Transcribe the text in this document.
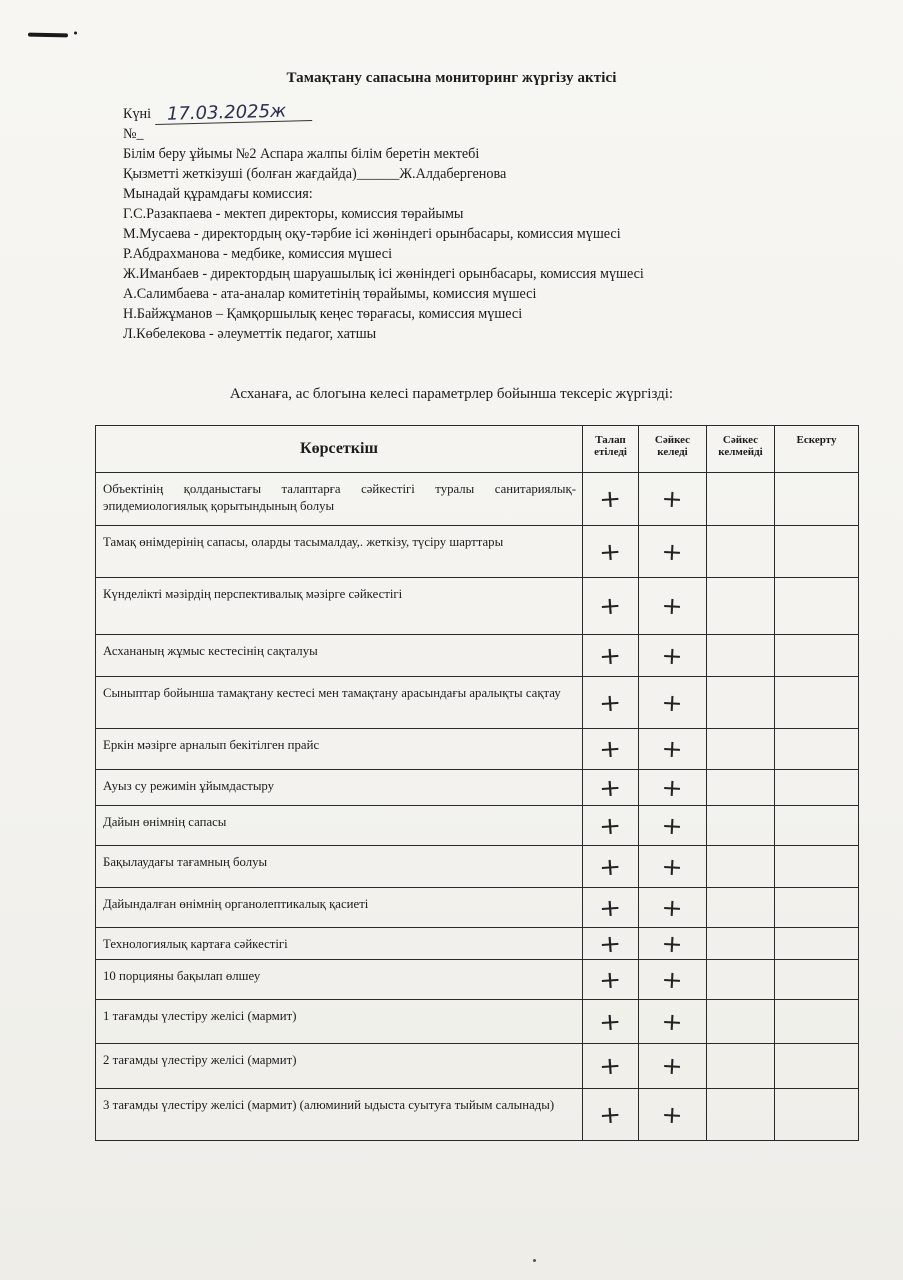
Тамақтану сапасына мониторинг жүргізу актісі
Күні 17.03.2025ж
№_
Білім беру ұйымы №2 Аспара жалпы білім беретін мектебі
Қызметті жеткізуші (болған жағдайда)______Ж.Алдабергенова
Мынадай құрамдағы комиссия:
Г.С.Разакпаева - мектеп директоры, комиссия төрайымы
М.Мусаева - директордың оқу-тәрбие ісі жөніндегі орынбасары, комиссия мүшесі
Р.Абдрахманова - медбике, комиссия мүшесі
Ж.Иманбаев - директордың шаруашылық ісі жөніндегі орынбасары, комиссия мүшесі
А.Салимбаева - ата-аналар комитетінің төрайымы, комиссия мүшесі
Н.Байжұманов – Қамқоршылық кеңес төрағасы, комиссия мүшесі
Л.Көбелекова - әлеуметтік педагог, хатшы
Асханаға, ас блогына келесі параметрлер бойынша тексеріс жүргізді:
Көрсеткіш	Талап етіледі	Сәйкес келеді	Сәйкес келмейді	Ескерту
Объектінің қолданыстағы талаптарға сәйкестігі туралы санитариялық-эпидемиологиялық қорытындының болуы	+	+		
Тамақ өнімдерінің сапасы, оларды тасымалдау,. жеткізу, түсіру шарттары	+	+		
Күнделікті мәзірдің перспективалық мәзірге сәйкестігі	+	+		
Асхананың жұмыс кестесінің сақталуы	+	+		
Сыныптар бойынша тамақтану кестесі мен тамақтану арасындағы аралықты сақтау	+	+		
Еркін мәзірге арналып бекітілген прайс	+	+		
Ауыз су режимін ұйымдастыру	+	+		
Дайын өнімнің сапасы	+	+		
Бақылаудағы тағамның болуы	+	+		
Дайындалған өнімнің органолептикалық қасиеті	+	+		
Технологиялық картаға сәйкестігі	+	+		
10 порцияны бақылап өлшеу	+	+		
1 тағамды үлестіру желісі (мармит)	+	+		
2 тағамды үлестіру желісі (мармит)	+	+		
3 тағамды үлестіру желісі (мармит) (алюминий ыдыста суытуға тыйым салынады)	+	+		
